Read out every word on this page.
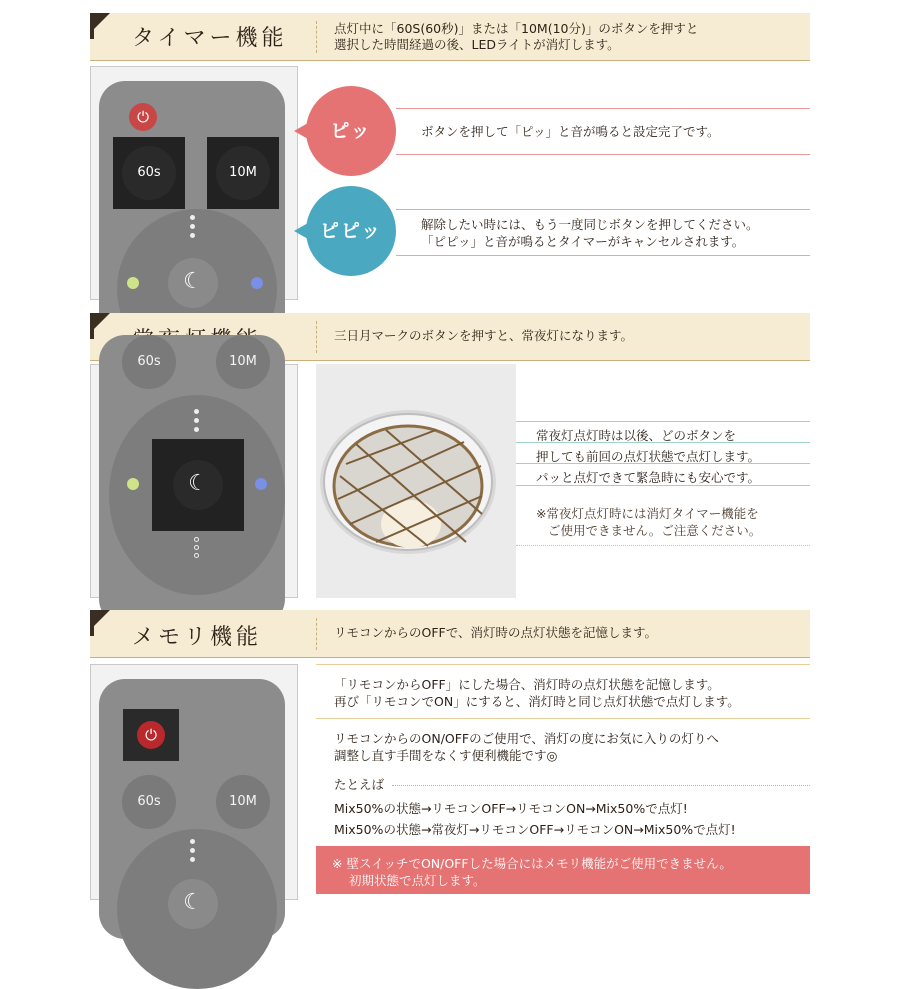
タイマー機能	点灯中に「60S(60秒)」または「10M(10分)」のボタンを押すと
選択した時間経過の後、LEDライトが消灯します。
⏻
60s	10M
☾
ピッ	ボタンを押して「ピッ」と音が鳴ると設定完了です。
ピピッ	解除したい時には、もう一度同じボタンを押してください。
「ピピッ」と音が鳴るとタイマーがキャンセルされます。
三日月マークのボタンを押すと、常夜灯になります。
60s	10M
☾
常夜灯点灯時は以後、どのボタンを
押しても前回の点灯状態で点灯します。
パッと点灯できて緊急時にも安心です。
※常夜灯点灯時には消灯タイマー機能を
ご使用できません。ご注意ください。
メモリ機能	リモコンからのOFFで、消灯時の点灯状態を記憶します。
⏻
60s	10M
☾
「リモコンからOFF」にした場合、消灯時の点灯状態を記憶します。
再び「リモコンでON」にすると、消灯時と同じ点灯状態で点灯します。
リモコンからのON/OFFのご使用で、消灯の度にお気に入りの灯りへ
調整し直す手間をなくす便利機能です◎
たとえば
Mix50%の状態→リモコンOFF→リモコンON→Mix50%で点灯!
Mix50%の状態→常夜灯→リモコンOFF→リモコンON→Mix50%で点灯!
※ 壁スイッチでON/OFFした場合にはメモリ機能がご使用できません。
初期状態で点灯します。
